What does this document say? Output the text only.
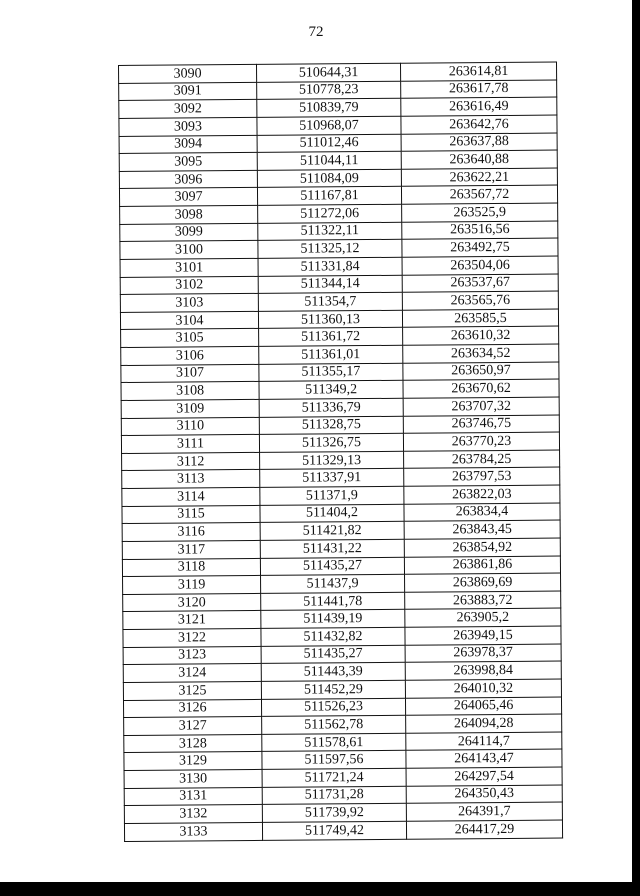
72
3090	510644,31	263614,81
3091	510778,23	263617,78
3092	510839,79	263616,49
3093	510968,07	263642,76
3094	511012,46	263637,88
3095	511044,11	263640,88
3096	511084,09	263622,21
3097	511167,81	263567,72
3098	511272,06	263525,9
3099	511322,11	263516,56
3100	511325,12	263492,75
3101	511331,84	263504,06
3102	511344,14	263537,67
3103	511354,7	263565,76
3104	511360,13	263585,5
3105	511361,72	263610,32
3106	511361,01	263634,52
3107	511355,17	263650,97
3108	511349,2	263670,62
3109	511336,79	263707,32
3110	511328,75	263746,75
3111	511326,75	263770,23
3112	511329,13	263784,25
3113	511337,91	263797,53
3114	511371,9	263822,03
3115	511404,2	263834,4
3116	511421,82	263843,45
3117	511431,22	263854,92
3118	511435,27	263861,86
3119	511437,9	263869,69
3120	511441,78	263883,72
3121	511439,19	263905,2
3122	511432,82	263949,15
3123	511435,27	263978,37
3124	511443,39	263998,84
3125	511452,29	264010,32
3126	511526,23	264065,46
3127	511562,78	264094,28
3128	511578,61	264114,7
3129	511597,56	264143,47
3130	511721,24	264297,54
3131	511731,28	264350,43
3132	511739,92	264391,7
3133	511749,42	264417,29
